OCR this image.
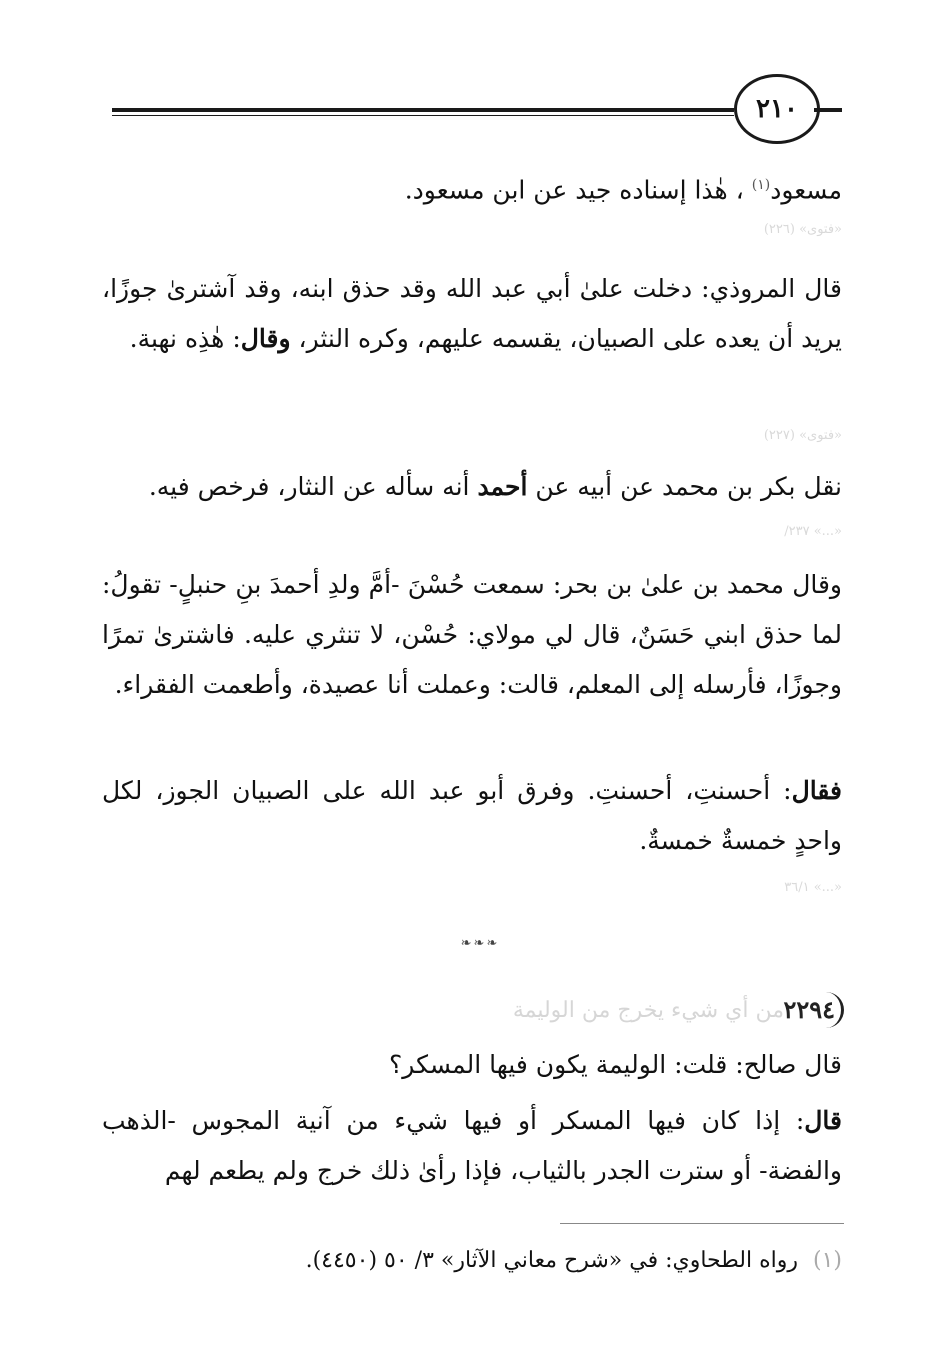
٢١٠
مسعود$^{(١)}$ ، هٰذا إسناده جيد عن ابن مسعود.
«فتوى» (٢٢٦)
قال المروذي: دخلت علىٰ أبي عبد الله وقد حذق ابنه، وقد آشترىٰ جوزًا، يريد أن يعده على الصبيان، يقسمه عليهم، وكره النثر، وقال: هٰذِه نهبة.
«فتوى» (٢٢٧)
نقل بكر بن محمد عن أبيه عن أحمد أنه سأله عن النثار، فرخص فيه.
«...» ٢٣٧/
وقال محمد بن علىٰ بن بحر: سمعت حُسْنَ -أمَّ ولدِ أحمدَ بنِ حنبلٍ- تقولُ: لما حذق ابني حَسَنٌ، قال لي مولاي: حُسْن، لا تنثري عليه. فاشترىٰ تمرًا وجوزًا، فأرسله إلى المعلم، قالت: وعملت أنا عصيدة، وأطعمت الفقراء.
فقال: أحسنتِ، أحسنتِ. وفرق أبو عبد الله على الصبيان الجوز، لكل واحدٍ خمسةٌ خمسةٌ.
«...» ٣٦/١
❧❧❧
٢٢٩٤
من أي شيء يخرج من الوليمة
قال صالح: قلت: الوليمة يكون فيها المسكر؟
قال: إذا كان فيها المسكر أو فيها شيء من آنية المجوس -الذهب والفضة- أو سترت الجدر بالثياب، فإذا رأىٰ ذلك خرج ولم يطعم لهم
(١) رواه الطحاوي: في «شرح معاني الآثار» ٣/ ٥٠ (٤٤٥٠).
